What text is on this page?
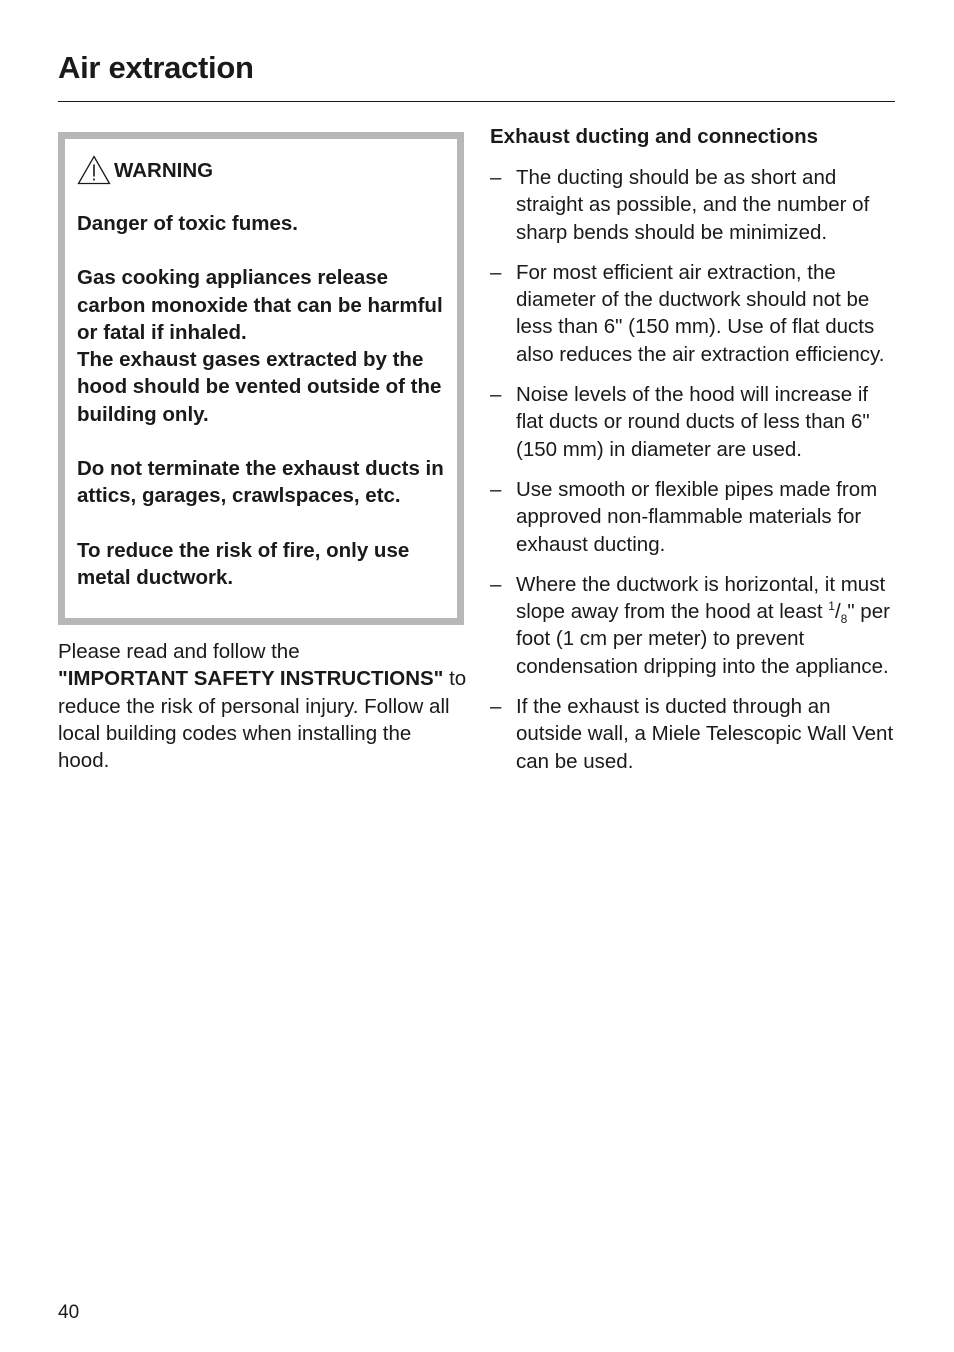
Air extraction
WARNING

Danger of toxic fumes.

Gas cooking appliances release carbon monoxide that can be harmful or fatal if inhaled.

The exhaust gases extracted by the hood should be vented outside of the building only.

Do not terminate the exhaust ducts in attics, garages, crawlspaces, etc.

To reduce the risk of fire, only use metal ductwork.

Please read and follow the
"IMPORTANT SAFETY INSTRUCTIONS" to reduce the risk of personal injury. Follow all local building codes when installing the hood.

Exhaust ducting and connections
– The ducting should be as short and straight as possible, and the number of sharp bends should be minimized.
– For most efficient air extraction, the diameter of the ductwork should not be less than 6" (150 mm). Use of flat ducts also reduces the air extraction efficiency.
– Noise levels of the hood will increase if flat ducts or round ducts of less than 6" (150 mm) in diameter are used.
– Use smooth or flexible pipes made from approved non-flammable materials for exhaust ducting.
– Where the ductwork is horizontal, it must slope away from the hood at least $^1/_8$" per foot (1 cm per meter) to prevent condensation dripping into the appliance.
– If the exhaust is ducted through an outside wall, a Miele Telescopic Wall Vent can be used.
40
